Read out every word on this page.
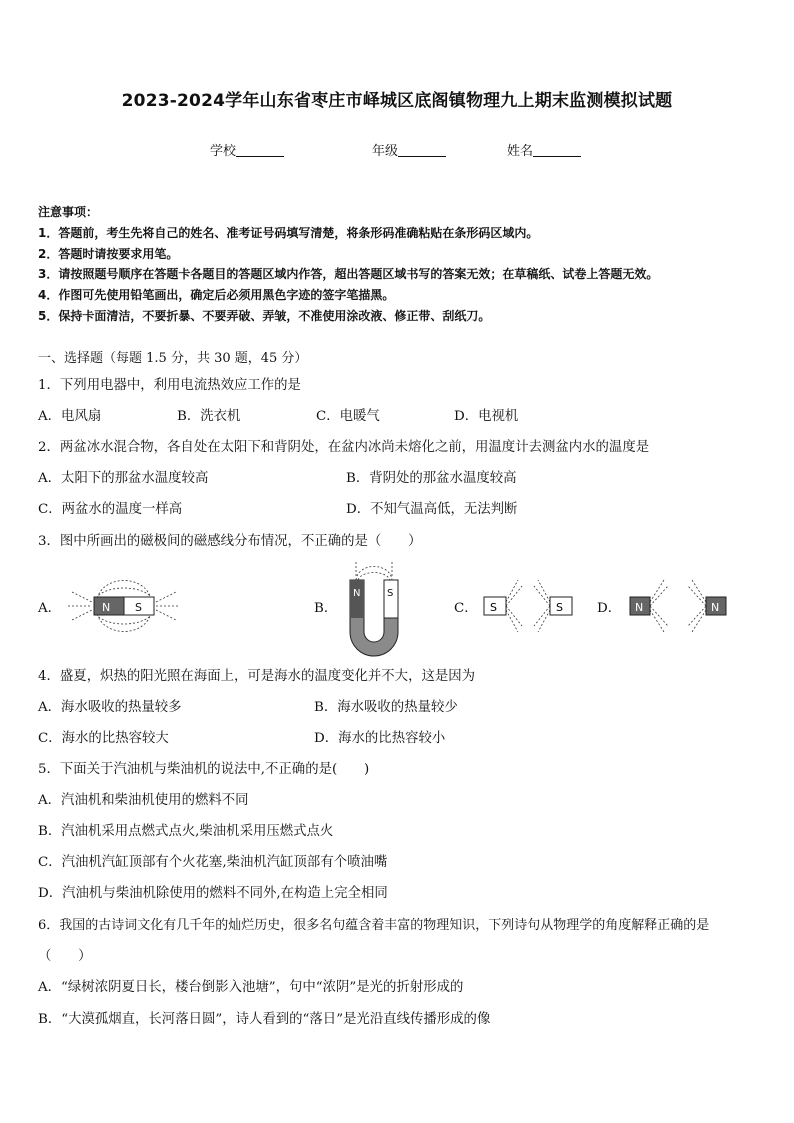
2023-2024学年山东省枣庄市峄城区底阁镇物理九上期末监测模拟试题
学校	年级	姓名
注意事项：
1．答题前，考生先将自己的姓名、准考证号码填写清楚，将条形码准确粘贴在条形码区域内。
2．答题时请按要求用笔。
3．请按照题号顺序在答题卡各题目的答题区域内作答，超出答题区域书写的答案无效；在草稿纸、试卷上答题无效。
4．作图可先使用铅笔画出，确定后必须用黑色字迹的签字笔描黑。
5．保持卡面清洁，不要折暴、不要弄破、弄皱，不准使用涂改液、修正带、刮纸刀。
一、选择题（每题 1.5 分，共 30 题，45 分）
1．下列用电器中，利用电流热效应工作的是
A．电风扇	B．洗衣机	C．电暖气	D．电视机
2．两盆冰水混合物，各自处在太阳下和背阴处，在盆内冰尚未熔化之前，用温度计去测盆内水的温度是
A．太阳下的那盆水温度较高	B．背阴处的那盆水温度较高
C．两盆水的温度一样高	D．不知气温高低，无法判断
3．图中所画出的磁极间的磁感线分布情况，不正确的是（　　）
A．	B．	C．	D．
N S
N	S
S	S	N	N
4．盛夏，炽热的阳光照在海面上，可是海水的温度变化并不大，这是因为
A．海水吸收的热量较多	B．海水吸收的热量较少
C．海水的比热容较大	D．海水的比热容较小
5．下面关于汽油机与柴油机的说法中,不正确的是(　　)
A．汽油机和柴油机使用的燃料不同
B．汽油机采用点燃式点火,柴油机采用压燃式点火
C．汽油机汽缸顶部有个火花塞,柴油机汽缸顶部有个喷油嘴
D．汽油机与柴油机除使用的燃料不同外,在构造上完全相同
6．我国的古诗词文化有几千年的灿烂历史，很多名句蕴含着丰富的物理知识，下列诗句从物理学的角度解释正确的是
（　　）
A．“绿树浓阴夏日长，楼台倒影入池塘”，句中“浓阴”是光的折射形成的
B．“大漠孤烟直，长河落日圆”，诗人看到的“落日”是光沿直线传播形成的像
